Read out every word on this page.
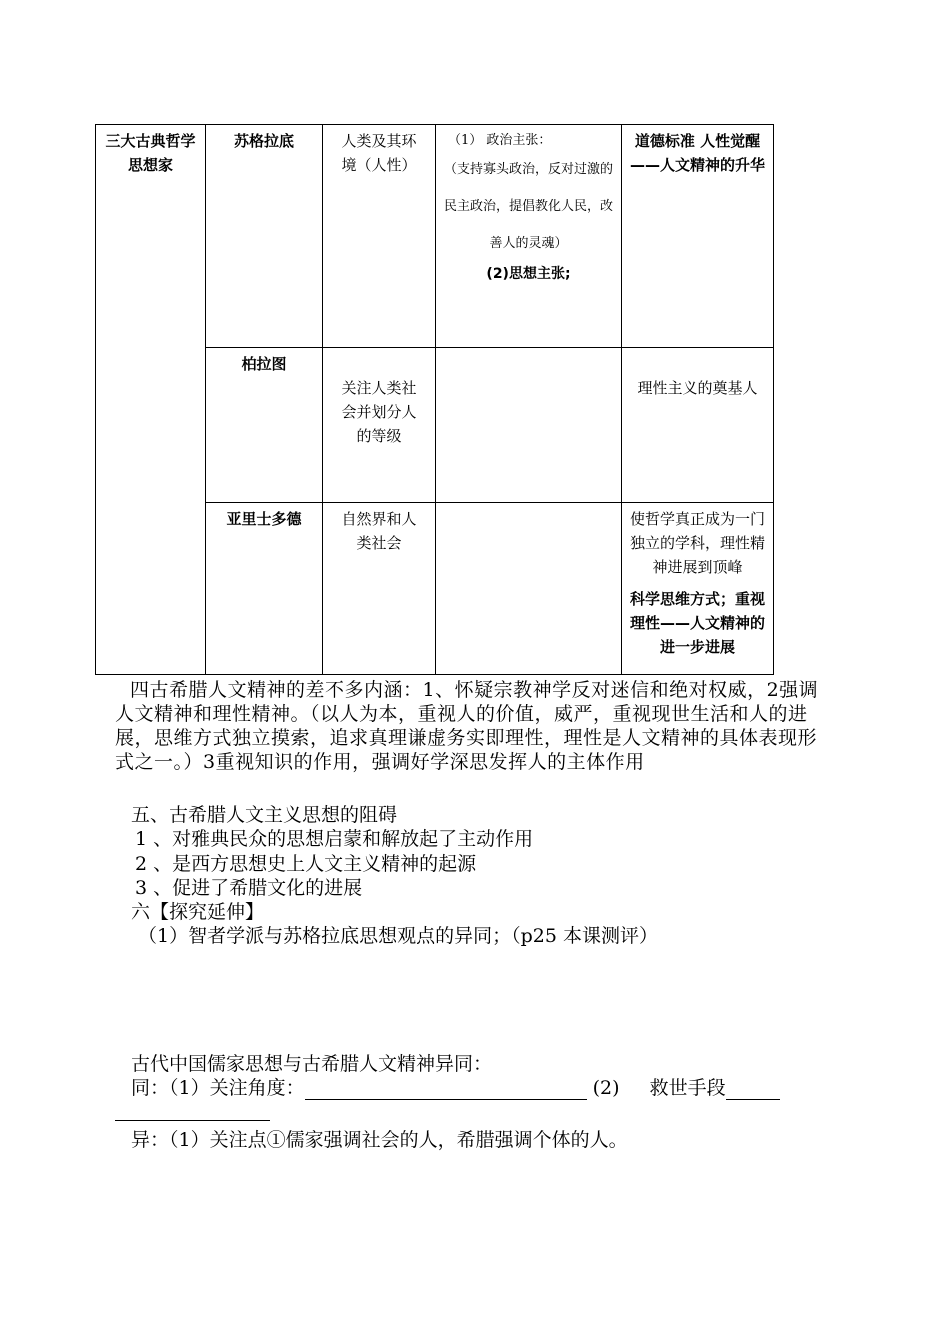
三大古典哲学思想家	苏格拉底	人类及其环境（人性）	（1） 政治主张：
（支持寡头政治，反对过激的民主政治，提倡教化人民，改善人的灵魂）
(2)思想主张;	道德标准 人性觉醒——人文精神的升华

	柏拉图	关注人类社会并划分人的等级		理性主义的奠基人

	亚里士多德	自然界和人类社会		使哲学真正成为一门独立的学科，理性精神进展到顶峰
科学思维方式；重视理性——人文精神的进一步进展
四古希腊人文精神的差不多内涵：1、怀疑宗教神学反对迷信和绝对权威，2强调人文精神和理性精神。（以人为本，重视人的价值，威严，重视现世生活和人的进展，思维方式独立摸索，追求真理谦虚务实即理性，理性是人文精神的具体表现形式之一。）3重视知识的作用，强调好学深思发挥人的主体作用
五、古希腊人文主义思想的阻碍
1 、对雅典民众的思想启蒙和解放起了主动作用
2 、是西方思想史上人文主义精神的起源
3 、促进了希腊文化的进展
六【探究延伸】
（1）智者学派与苏格拉底思想观点的异同；（p25 本课测评）
古代中国儒家思想与古希腊人文精神异同：
同：（1）关注角度：	(2) 救世手段
异：（1）关注点①儒家强调社会的人，希腊强调个体的人。
